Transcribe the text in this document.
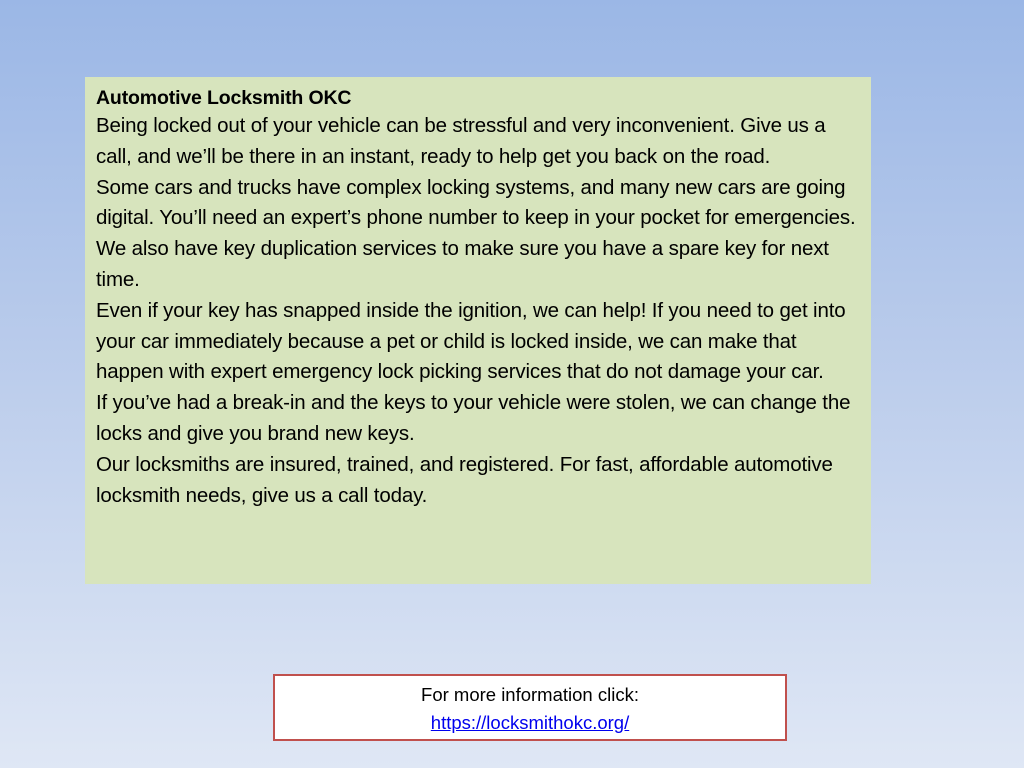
Automotive Locksmith OKC

Being locked out of your vehicle can be stressful and very inconvenient. Give us a call, and we’ll be there in an instant, ready to help get you back on the road.

Some cars and trucks have complex locking systems, and many new cars are going digital. You’ll need an expert’s phone number to keep in your pocket for emergencies. We also have key duplication services to make sure you have a spare key for next time.

Even if your key has snapped inside the ignition, we can help! If you need to get into your car immediately because a pet or child is locked inside, we can make that happen with expert emergency lock picking services that do not damage your car.

If you’ve had a break-in and the keys to your vehicle were stolen, we can change the locks and give you brand new keys.

Our locksmiths are insured, trained, and registered. For fast, affordable automotive locksmith needs, give us a call today.

For more information click:

https://locksmithokc.org/
